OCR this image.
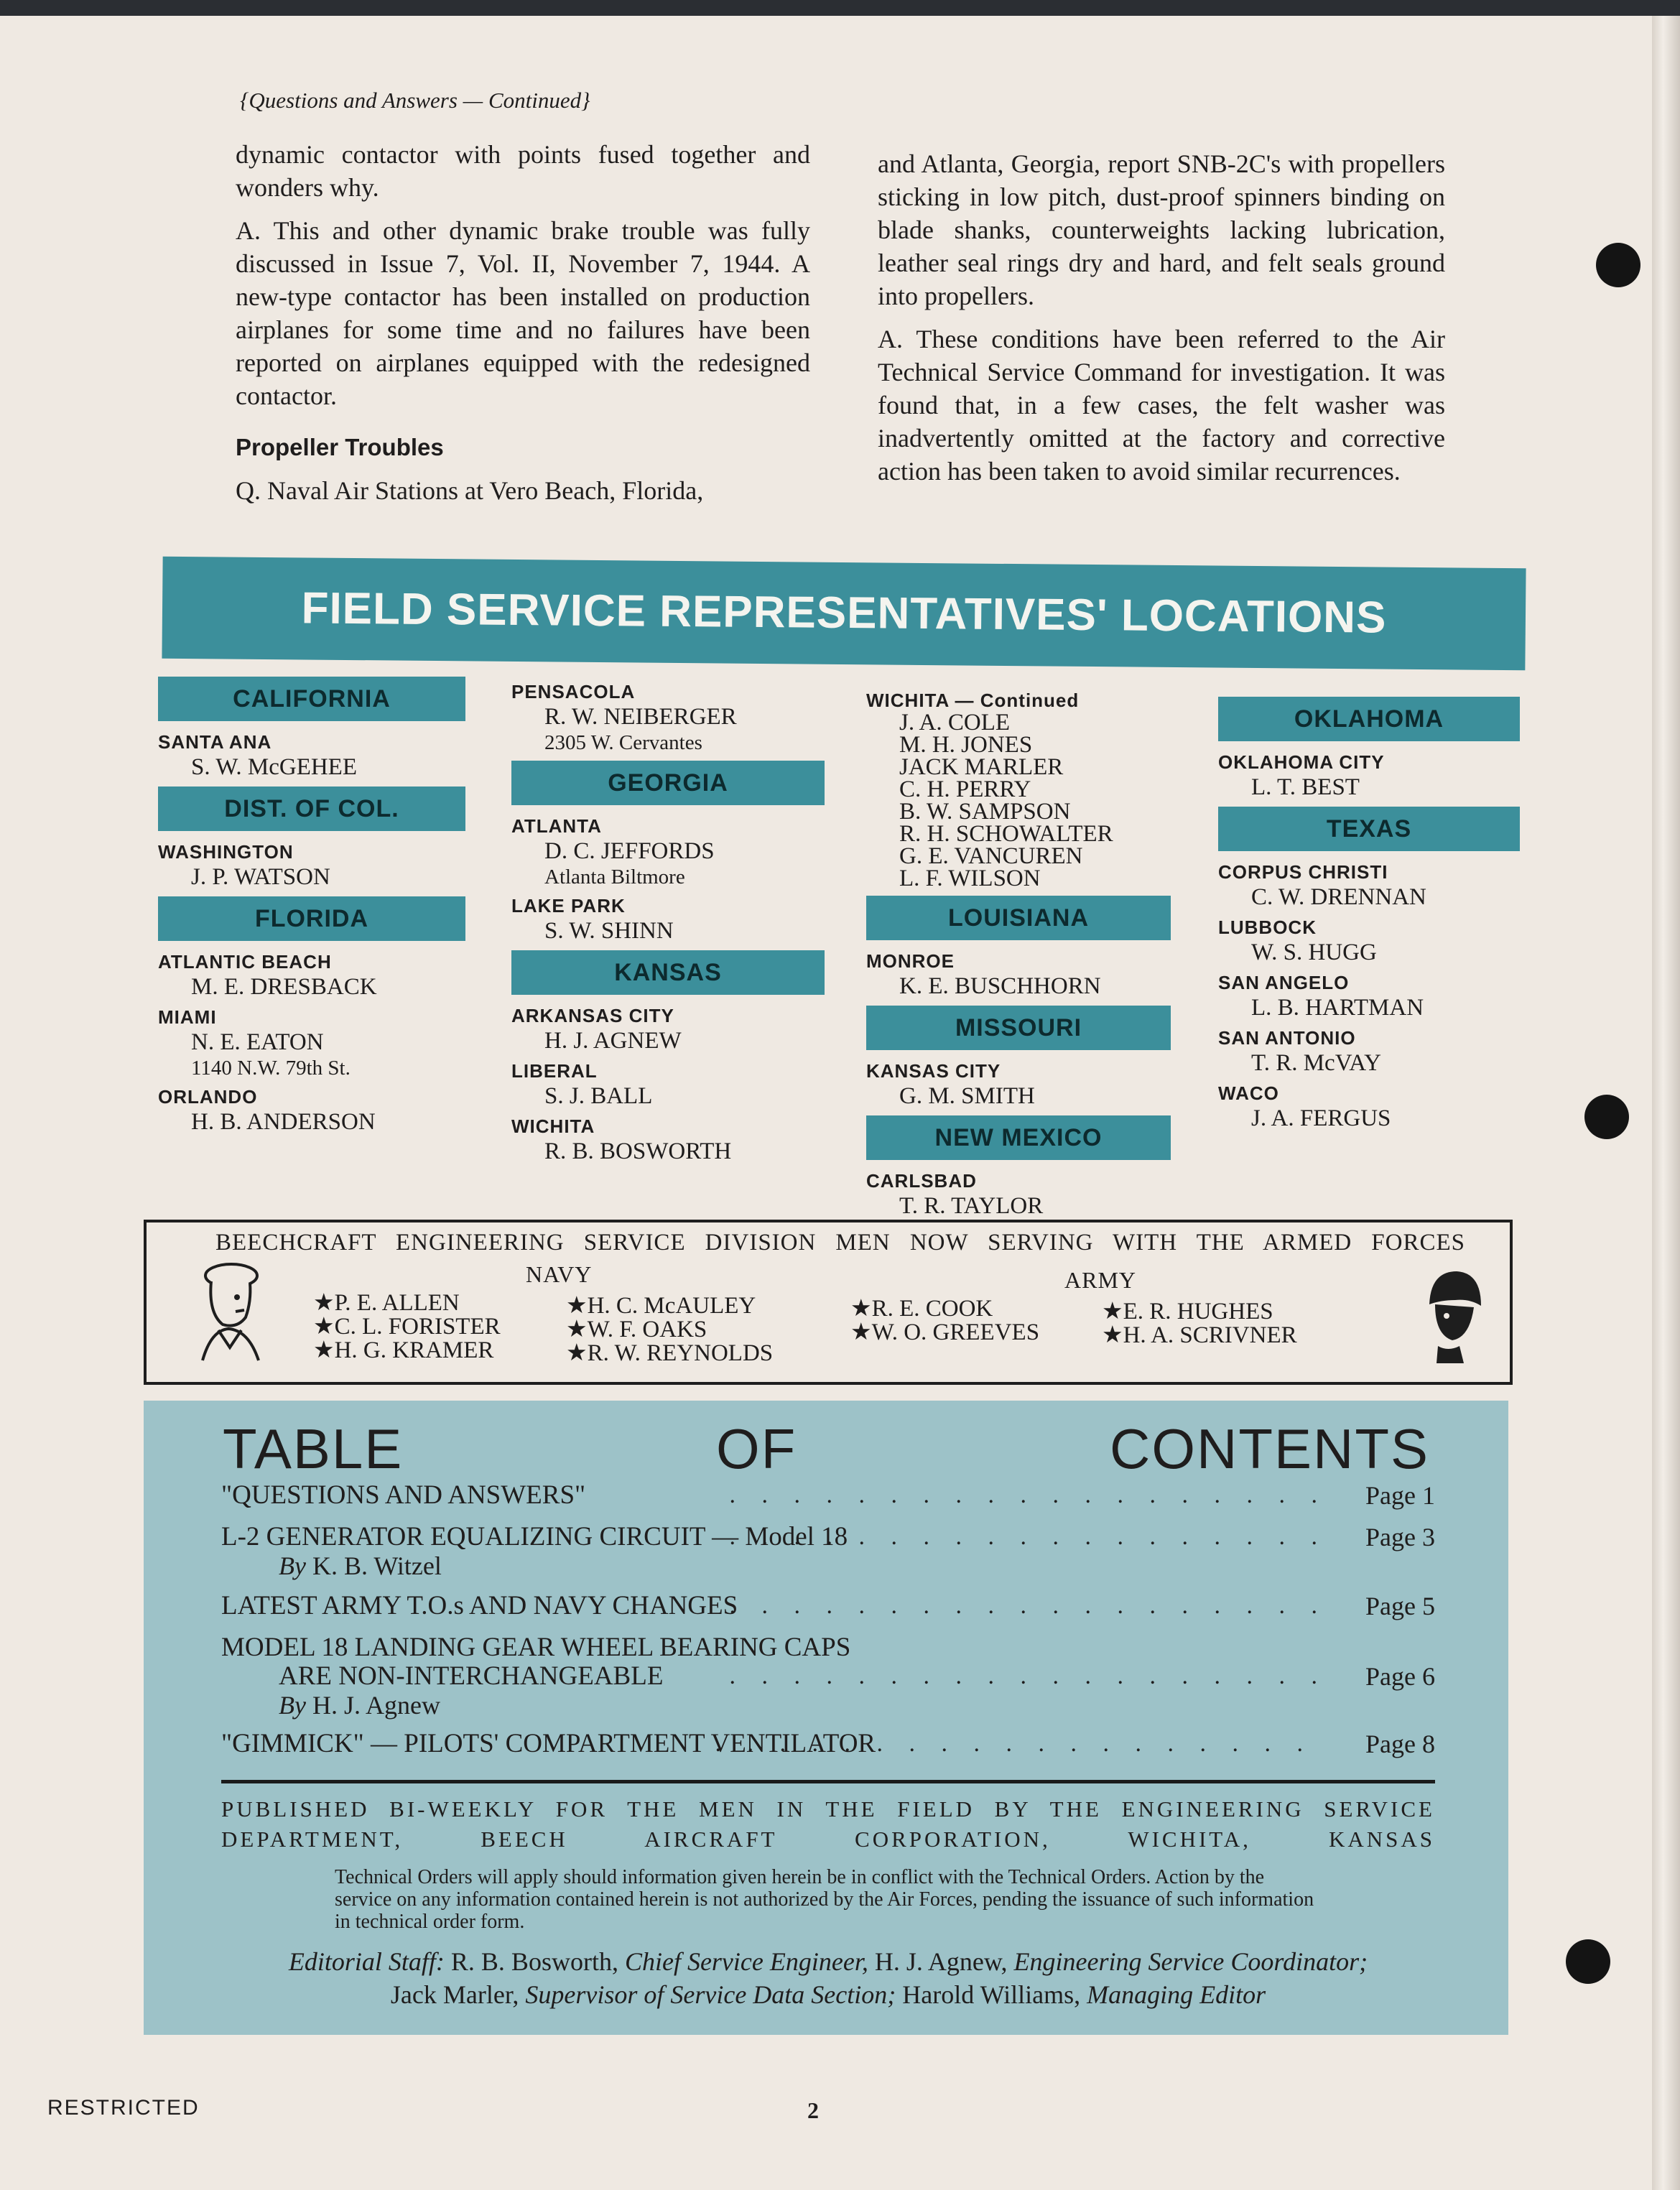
{Questions and Answers — Continued}

dynamic contactor with points fused together and wonders why.

A. This and other dynamic brake trouble was fully discussed in Issue 7, Vol. II, November 7, 1944. A new-type contactor has been installed on production airplanes for some time and no failures have been reported on airplanes equipped with the redesigned contactor.

Propeller Troubles

Q. Naval Air Stations at Vero Beach, Florida,

and Atlanta, Georgia, report SNB-2C's with propellers sticking in low pitch, dust-proof spinners binding on blade shanks, counterweights lacking lubrication, leather seal rings dry and hard, and felt seals ground into propellers.

A. These conditions have been referred to the Air Technical Service Command for investigation. It was found that, in a few cases, the felt washer was inadvertently omitted at the factory and corrective action has been taken to avoid similar recurrences.

FIELD SERVICE REPRESENTATIVES' LOCATIONS
CALIFORNIA
SANTA ANA
S. W. McGEHEE
DIST. OF COL.
WASHINGTON
J. P. WATSON
FLORIDA
ATLANTIC BEACH
M. E. DRESBACK
MIAMI
N. E. EATON
1140 N.W. 79th St.
ORLANDO
H. B. ANDERSON
PENSACOLA
R. W. NEIBERGER
2305 W. Cervantes
GEORGIA
ATLANTA
D. C. JEFFORDS
Atlanta Biltmore
LAKE PARK
S. W. SHINN
KANSAS
ARKANSAS CITY
H. J. AGNEW
LIBERAL
S. J. BALL
WICHITA
R. B. BOSWORTH
WICHITA — Continued
J. A. COLE
M. H. JONES
JACK MARLER
C. H. PERRY
B. W. SAMPSON
R. H. SCHOWALTER
G. E. VANCUREN
L. F. WILSON
LOUISIANA
MONROE
K. E. BUSCHHORN
MISSOURI
KANSAS CITY
G. M. SMITH
NEW MEXICO
CARLSBAD
T. R. TAYLOR
OKLAHOMA
OKLAHOMA CITY
L. T. BEST
TEXAS
CORPUS CHRISTI
C. W. DRENNAN
LUBBOCK
W. S. HUGG
SAN ANGELO
L. B. HARTMAN
SAN ANTONIO
T. R. McVAY
WACO
J. A. FERGUS
BEECHCRAFT ENGINEERING SERVICE DIVISION MEN NOW SERVING WITH THE ARMED FORCES
NAVY	ARMY
★ P. E. ALLEN
★ C. L. FORISTER
★ H. G. KRAMER
★ H. C. McAULEY
★ W. F. OAKS
★ R. W. REYNOLDS
★ R. E. COOK
★ W. O. GREEVES
★ E. R. HUGHES
★ H. A. SCRIVNER
TABLE OF CONTENTS
"QUESTIONS AND ANSWERS"	. . . . . . . . . . . . . . . . . . . Page 1
L-2 GENERATOR EQUALIZING CIRCUIT — Model 18
By K. B. Witzel
. . . . . . . . . . . . . . . . . . . Page 3
LATEST ARMY T.O.s AND NAVY CHANGES
. . . . . . . . . . . . . . . . . . . Page 5
MODEL 18 LANDING GEAR WHEEL BEARING CAPS
ARE NON-INTERCHANGEABLE
By H. J. Agnew
. . . . . . . . . . . . . . . . . . . Page 6
"GIMMICK" — PILOTS' COMPARTMENT VENTILATOR
. . . . . . . . . . . . . . . . . . . Page 8
PUBLISHED BI-WEEKLY FOR THE MEN IN THE FIELD BY THE ENGINEERING SERVICE DEPARTMENT, BEECH AIRCRAFT CORPORATION, WICHITA, KANSAS
Technical Orders will apply should information given herein be in conflict with the Technical Orders. Action by the service on any information contained herein is not authorized by the Air Forces, pending the issuance of such information in technical order form.
Editorial Staff: R. B. Bosworth, Chief Service Engineer, H. J. Agnew, Engineering Service Coordinator;
Jack Marler, Supervisor of Service Data Section; Harold Williams, Managing Editor
RESTRICTED	2
